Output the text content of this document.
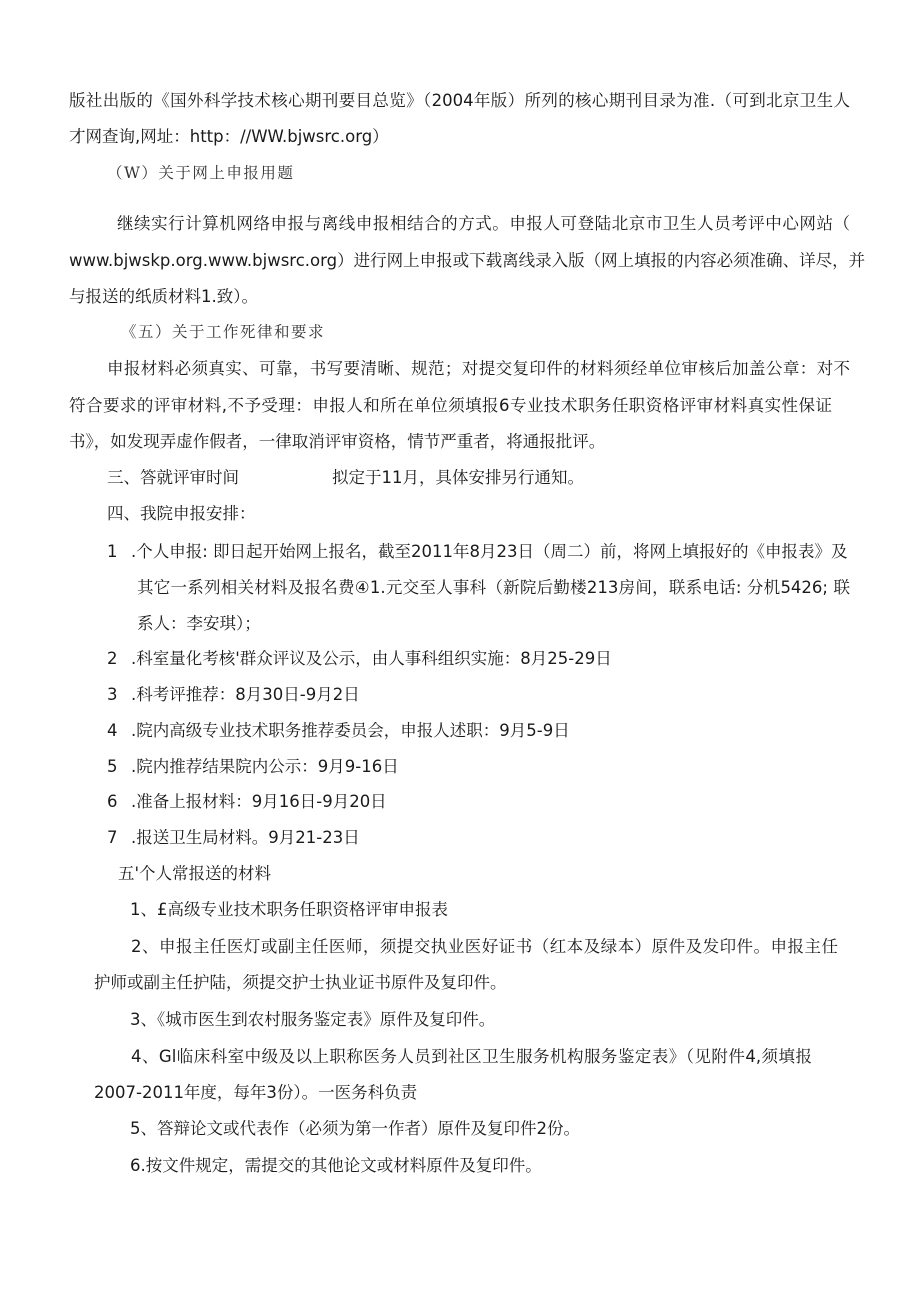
版社出版的《国外科学技术核心期刊要目总览》（2004年版）所列的核心期刊目录为准.（可到北京卫生人
才网查询,网址：http：//WW.bjwsrc.org）
（W）关于网上申报用题
继续实行计算机网络申报与离线申报相结合的方式。申报人可登陆北京市卫生人员考评中心网站（
www.bjwskp.org.www.bjwsrc.org）进行网上申报或下载离线录入版（网上填报的内容必须准确、详尽，并
与报送的纸质材料1.致）。
《五）关于工作死律和要求
申报材料必须真实、可靠，书写要清晰、规范；对提交复印件的材料须经单位审核后加盖公章：对不
符合要求的评审材料,不予受理：申报人和所在单位须填报6专业技术职务任职资格评审材料真实性保证
书》，如发现弄虚作假者，一律取消评审资格，情节严重者，将通报批评。
三、答就评审时间	拟定于11月，具体安排另行通知。
四、我院申报安排：
1 .个人申报: 即日起开始网上报名，截至2011年8月23日（周二）前，将网上填报好的《申报表》及
其它一系列相关材料及报名费④1.元交至人事科（新院后勤楼213房间，联系电话: 分机5426; 联
系人：李安琪）；
2 .科室量化考核'群众评议及公示，由人事科组织实施：8月25-29日
3 .科考评推荐：8月30日-9月2日
4 .院内高级专业技术职务推荐委员会，申报人述职：9月5-9日
5 .院内推荐结果院内公示：9月9-16日
6 .准备上报材料：9月16日-9月20日
7 .报送卫生局材料。9月21-23日
五'个人常报送的材料
1、£高级专业技术职务任职资格评审申报表
2、申报主任医灯或副主任医师，须提交执业医好证书（红本及绿本）原件及发印件。申报主任
护师或副主任护陆，须提交护士执业证书原件及复印件。
3、《城市医生到农村服务鉴定表》原件及复印件。
4、Gl临床科室中级及以上职称医务人员到社区卫生服务机构服务鉴定表》（见附件4,须填报
2007-2011年度，每年3份）。一医务科负责
5、答辩论文或代表作（必须为第一作者）原件及复印件2份。
6.按文件规定，需提交的其他论文或材料原件及复印件。
